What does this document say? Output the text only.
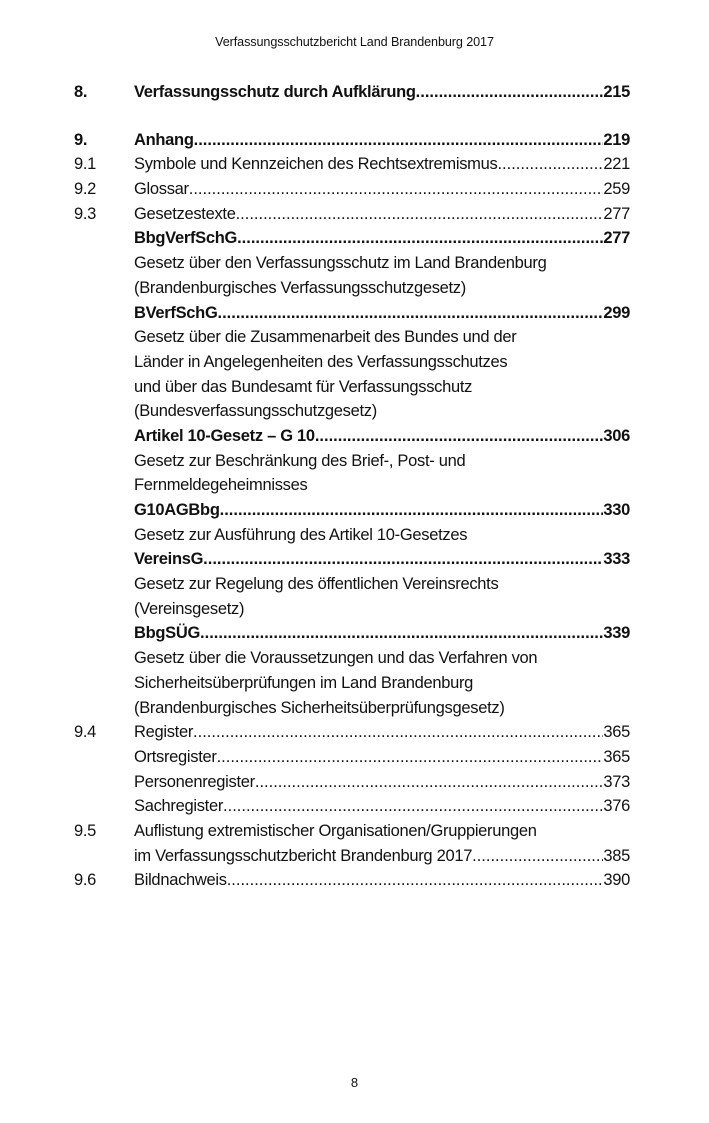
Verfassungsschutzbericht Land Brandenburg 2017
8.	Verfassungsschutz durch Aufklärung .....	215
9.	Anhang .....	219
9.1	Symbole und Kennzeichen des Rechtsextremismus .....	221
9.2	Glossar .....	259
9.3	Gesetzestexte .....	277
BbgVerfSchG .....	277
Gesetz über den Verfassungsschutz im Land Brandenburg
(Brandenburgisches Verfassungsschutzgesetz)
BVerfSchG .....	299
Gesetz über die Zusammenarbeit des Bundes und der
Länder in Angelegenheiten des Verfassungsschutzes
und über das Bundesamt für Verfassungsschutz
(Bundesverfassungsschutzgesetz)
Artikel 10-Gesetz – G 10 .....	306
Gesetz zur Beschränkung des Brief-, Post- und
Fernmeldegeheimnisses
G10AGBbg .....	330
Gesetz zur Ausführung des Artikel 10-Gesetzes
VereinsG .....	333
Gesetz zur Regelung des öffentlichen Vereinsrechts
(Vereinsgesetz)
BbgSÜG .....	339
Gesetz über die Voraussetzungen und das Verfahren von
Sicherheitsüberprüfungen im Land Brandenburg
(Brandenburgisches Sicherheitsüberprüfungsgesetz)
9.4	Register .....	365
Ortsregister .....	365
Personenregister .....	373
Sachregister .....	376
9.5	Auflistung extremistischer Organisationen/Gruppierungen
im Verfassungsschutzbericht Brandenburg 2017 .....	385
9.6	Bildnachweis .....	390
8
